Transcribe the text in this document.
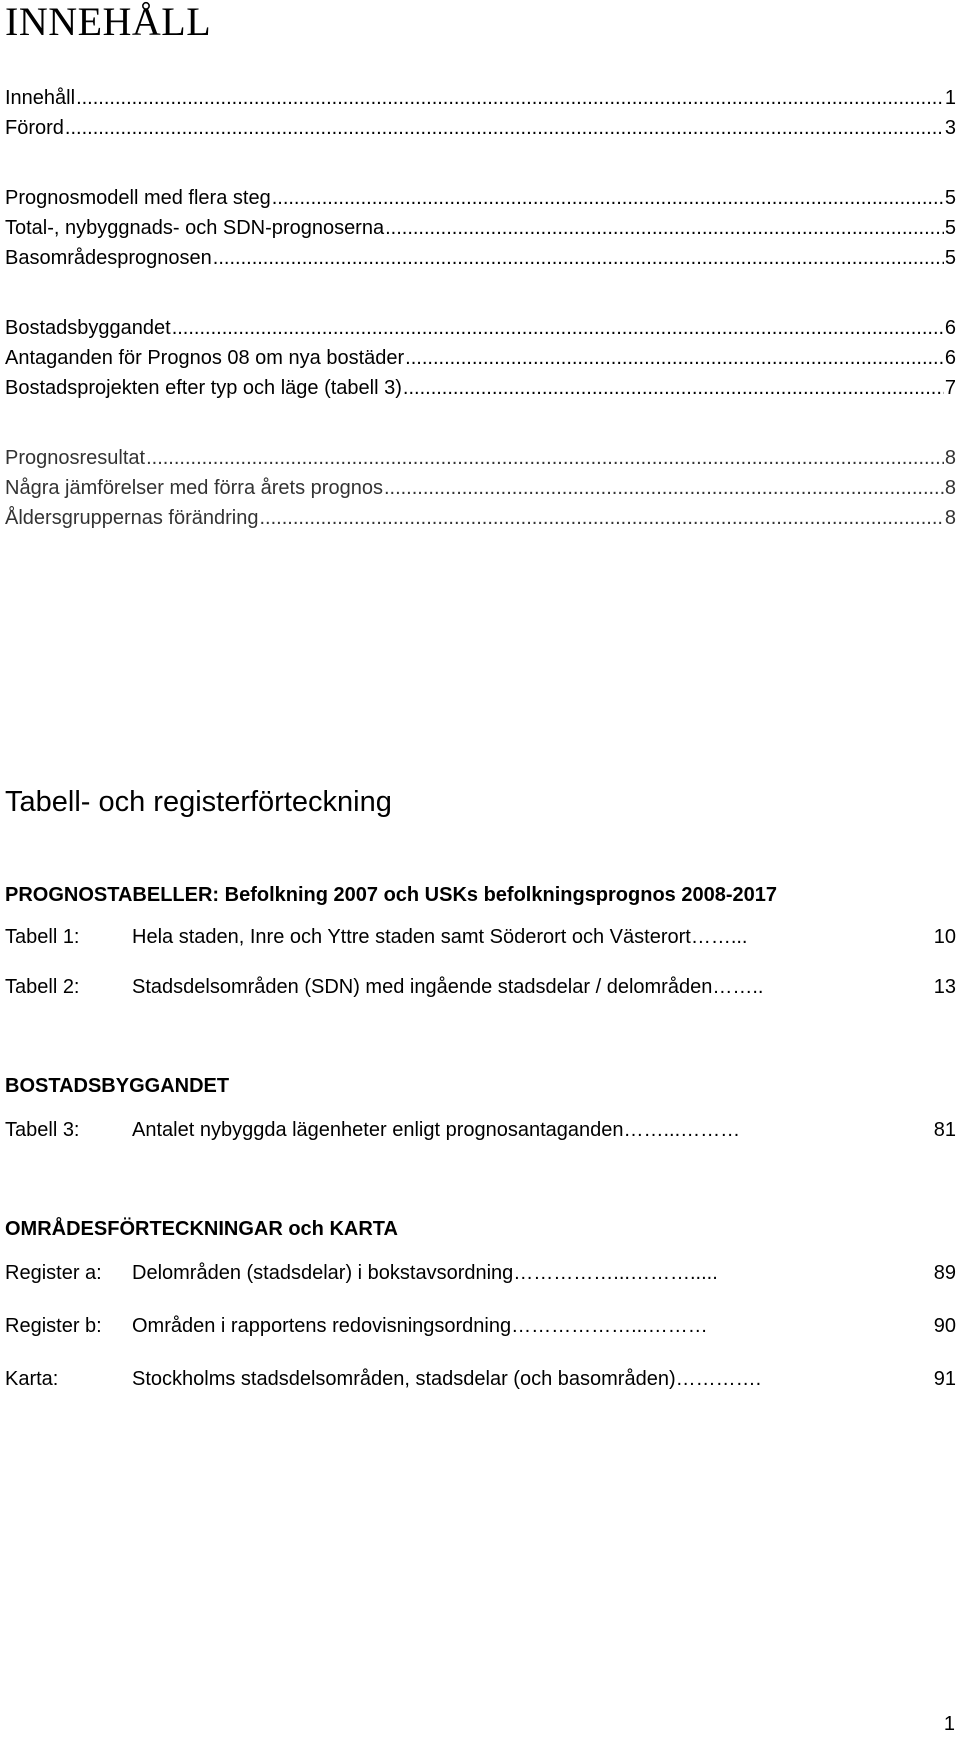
INNEHÅLL
Innehåll .....	1
Förord .....	3
Prognosmodell med flera steg .....	5
Total-, nybyggnads- och SDN-prognoserna .....	5
Basområdesprognosen .....	5
Bostadsbyggandet .....	6
Antaganden för Prognos 08 om nya bostäder .....	6
Bostadsprojekten efter typ och läge (tabell 3) .....	7
Prognosresultat .....	8
Några jämförelser med förra årets prognos .....	8
Åldersgruppernas förändring .....	8
Tabell- och registerförteckning
PROGNOSTABELLER: Befolkning 2007 och USKs befolkningsprognos 2008-2017
Tabell 1:	Hela staden, Inre och Yttre staden samt Söderort och Västerort……...	10
Tabell 2:	Stadsdelsområden (SDN) med ingående stadsdelar / delområden……..	13
BOSTADSBYGGANDET
Tabell 3:	Antalet nybyggda lägenheter enligt prognosantaganden……...………	81
OMRÅDESFÖRTECKNINGAR och KARTA
Register a: Delområden (stadsdelar) i bokstavsordning……………...……….....	89
Register b: Områden i rapportens redovisningsordning………………...………	90
Karta:	Stockholms stadsdelsområden, stadsdelar (och basområden)………….	91
1
